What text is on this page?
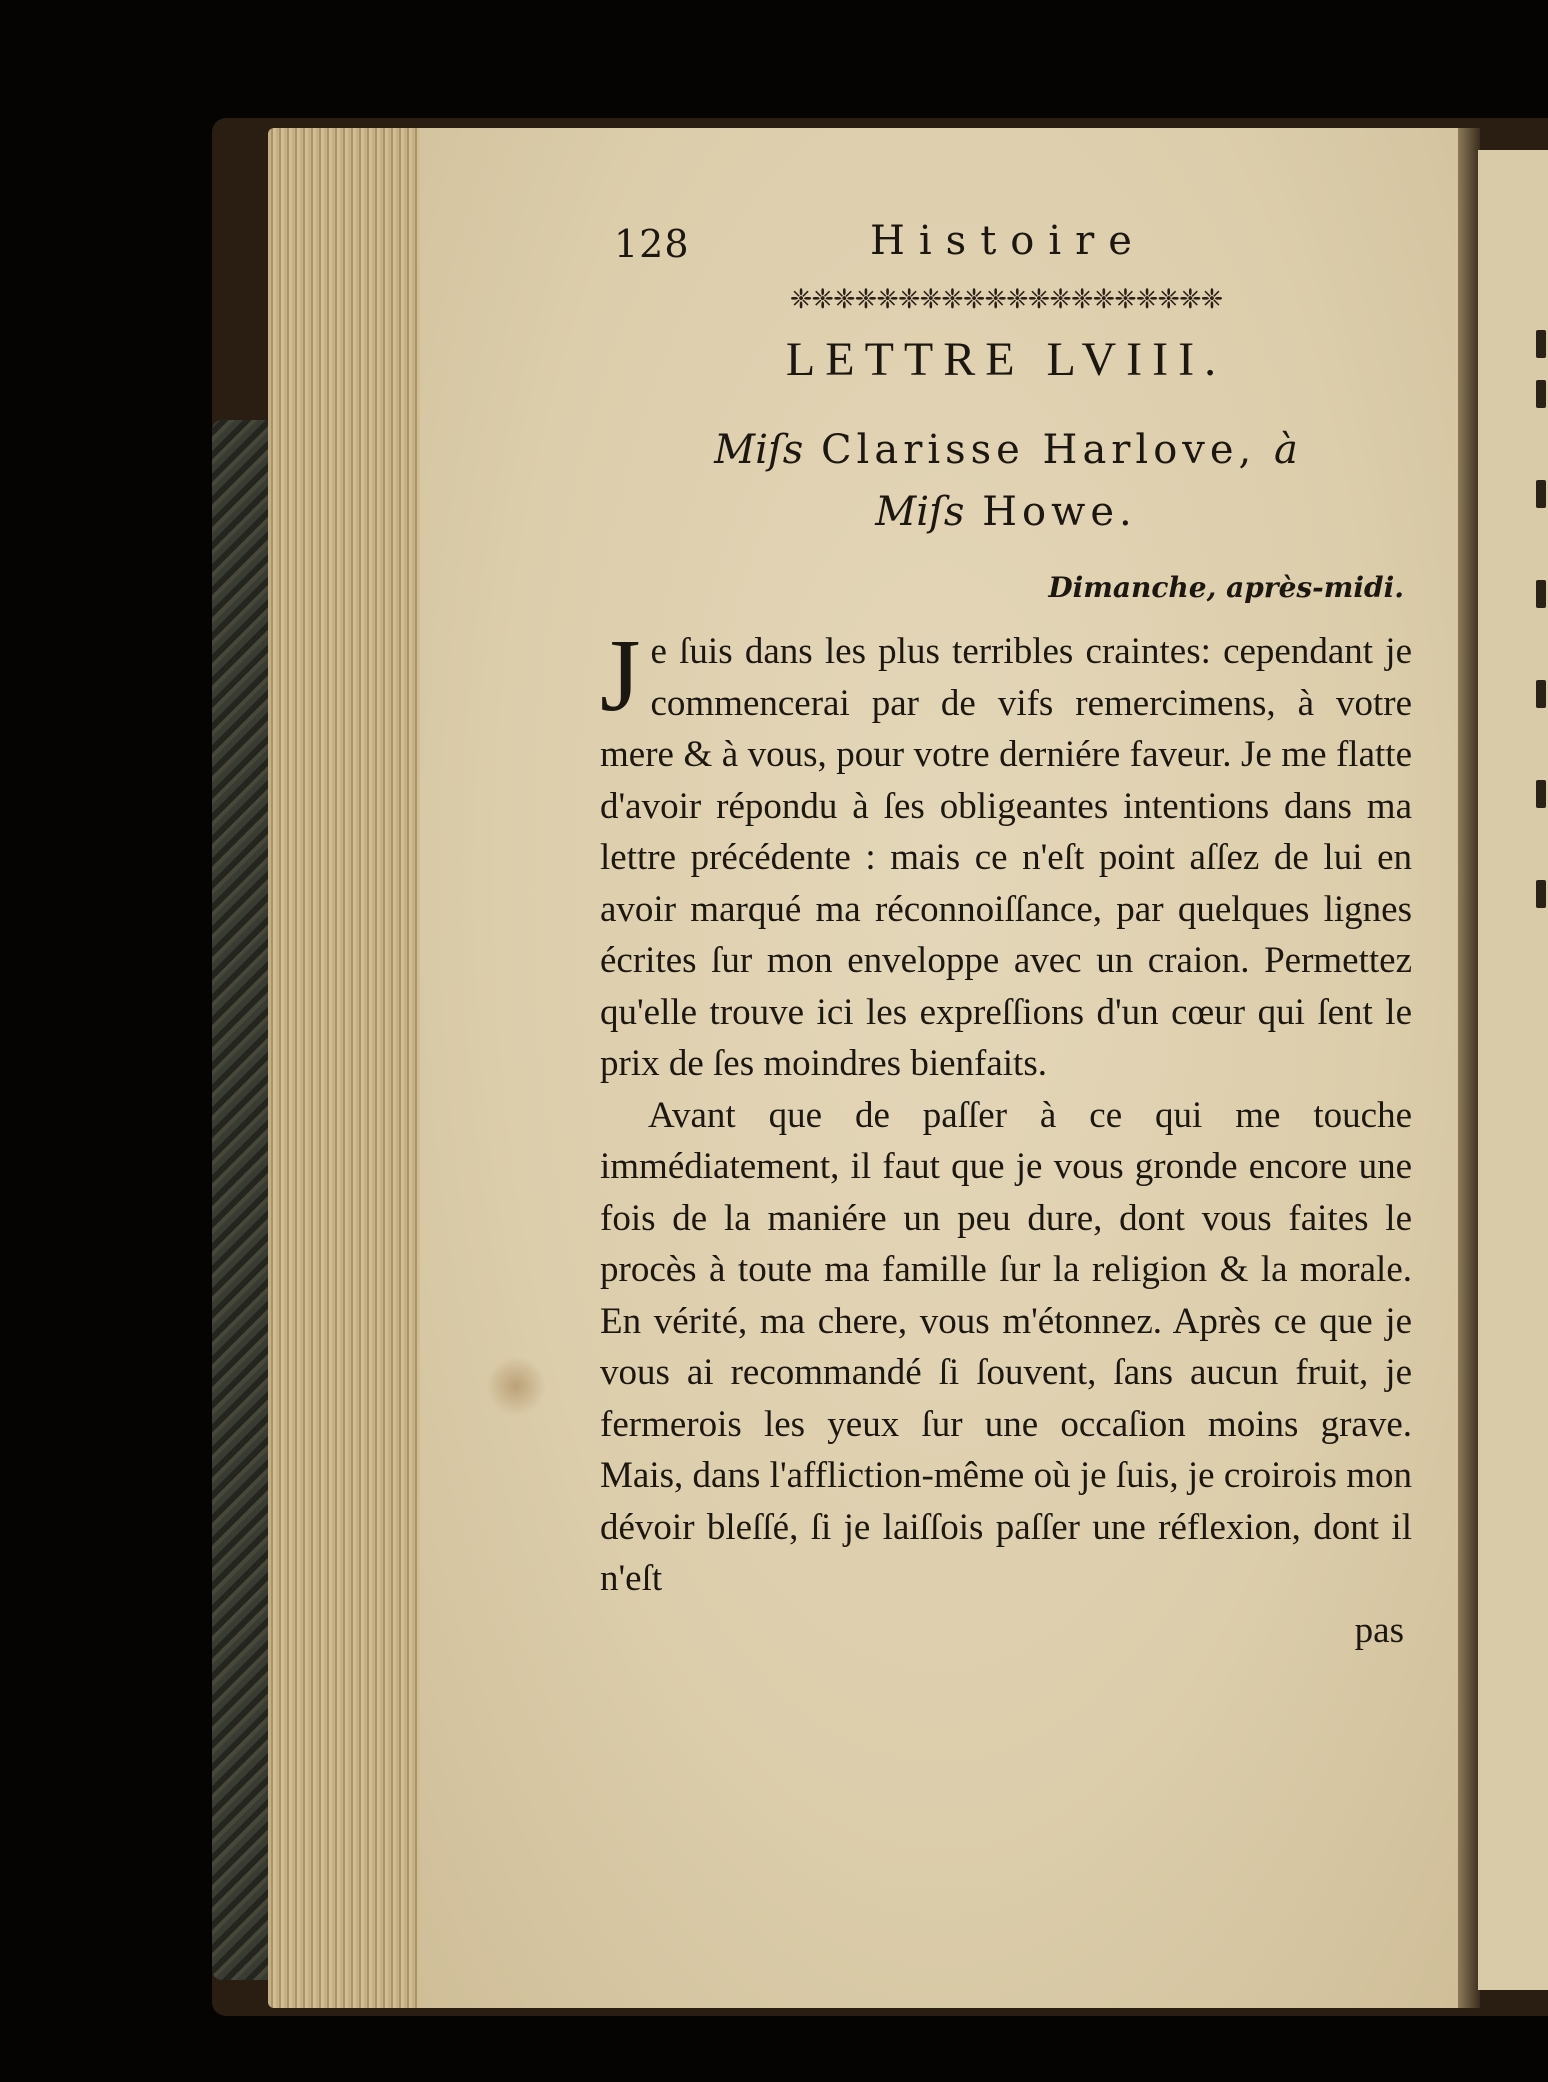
128	Histoire
❈❈❈❈❈❈❈❈❈❈❈❈❈❈❈❈❈❈❈❈
LETTRE LVIII.
Miſs Clarisse Harlove, à
Miſs Howe.
Dimanche, après-midi.

Je ſuis dans les plus terribles craintes: cependant je commencerai par de vifs remercimens, à votre mere & à vous, pour votre derniére faveur. Je me flatte d'avoir répondu à ſes obligeantes intentions dans ma lettre précédente : mais ce n'eſt point aſſez de lui en avoir marqué ma réconnoiſſance, par quelques lignes écrites ſur mon enveloppe avec un craion. Permettez qu'elle trouve ici les expreſſions d'un cœur qui ſent le prix de ſes moindres bienfaits.

Avant que de paſſer à ce qui me touche immédiatement, il faut que je vous gronde encore une fois de la maniére un peu dure, dont vous faites le procès à toute ma famille ſur la religion & la morale. En vérité, ma chere, vous m'étonnez. Après ce que je vous ai recommandé ſi ſouvent, ſans aucun fruit, je fermerois les yeux ſur une occaſion moins grave. Mais, dans l'affliction-même où je ſuis, je croirois mon dévoir bleſſé, ſi je laiſſois paſſer une réflexion, dont il n'eſt

pas
